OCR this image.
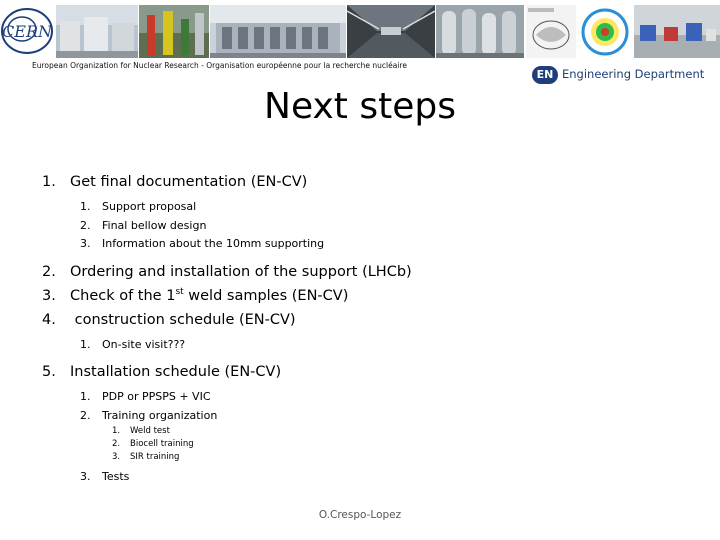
CERN
European Organization for Nuclear Research - Organisation européenne pour la recherche nucléaire
EN Engineering Department
Next steps
1. Get final documentation (EN-CV)
1. Support proposal
2. Final bellow design
3. Information about the 10mm supporting
2. Ordering and installation of the support (LHCb)
3. Check of the 1st weld samples (EN-CV)
4. construction schedule (EN-CV)
1. On-site visit???
5. Installation schedule (EN-CV)
1. PDP or PPSPS + VIC
2. Training organization
1. Weld test
2. Biocell training
3. SIR training
3. Tests
O.Crespo-Lopez
